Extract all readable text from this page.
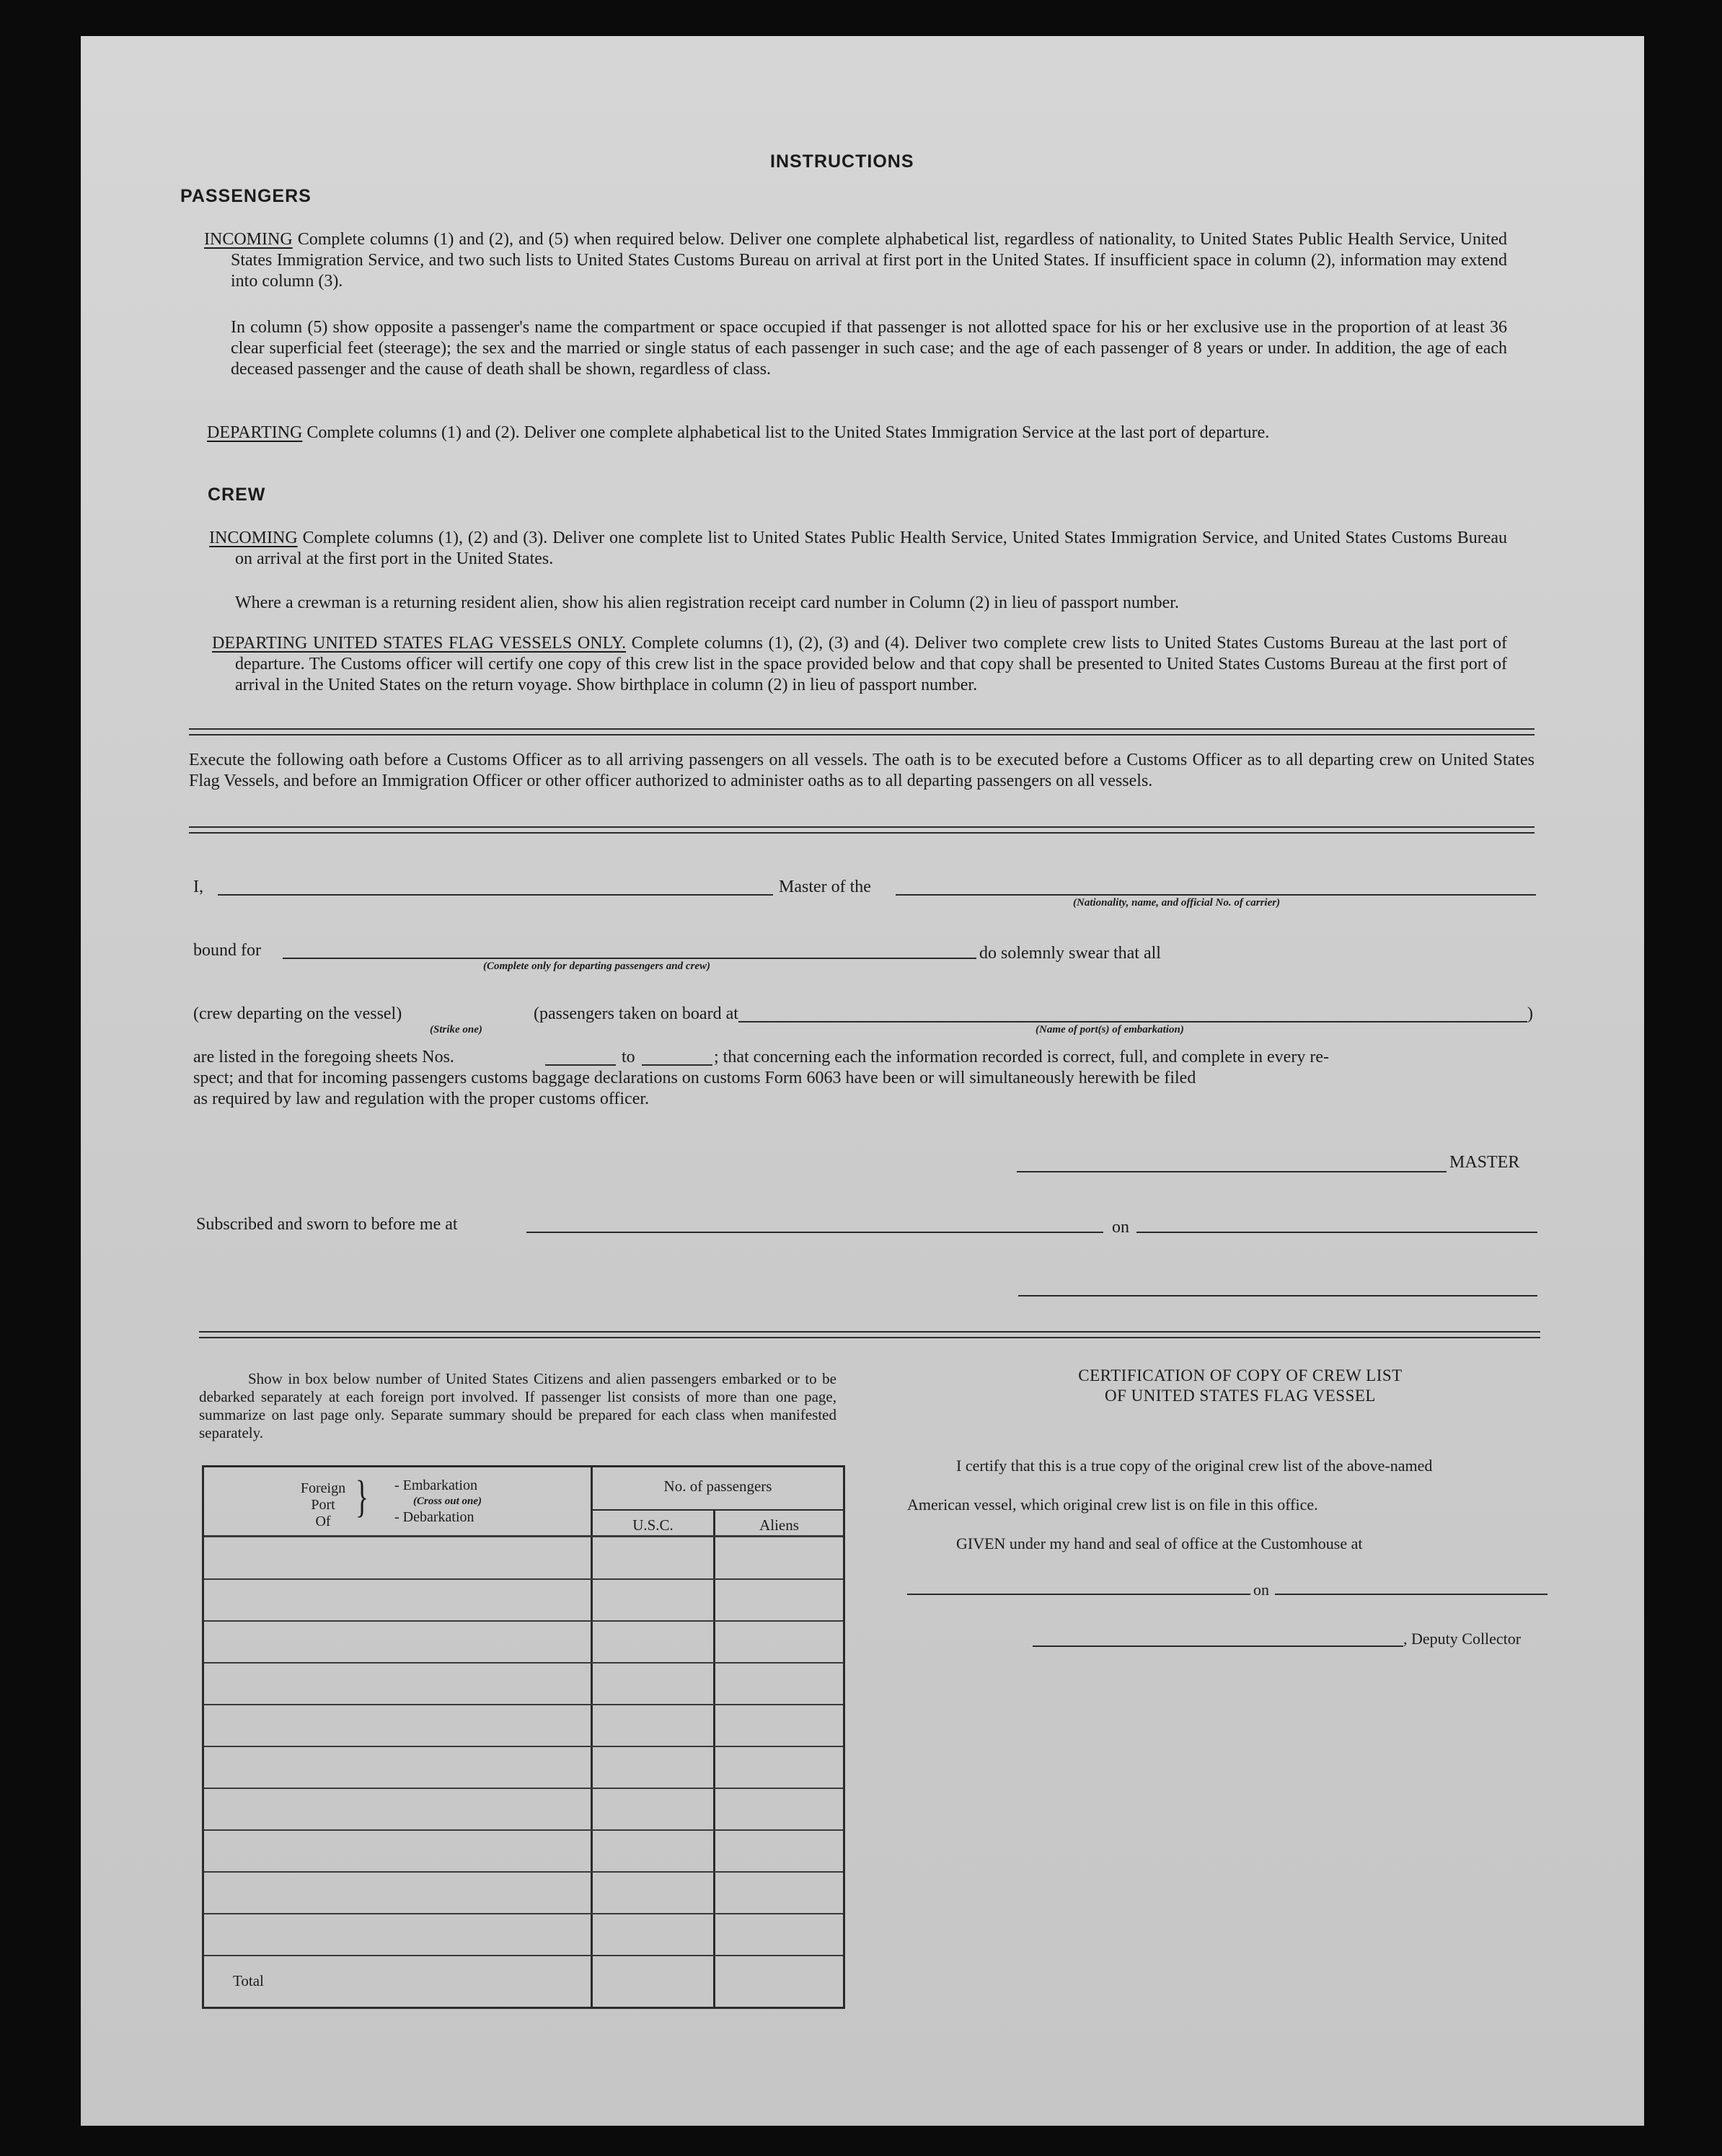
INSTRUCTIONS
PASSENGERS
INCOMING Complete columns (1) and (2), and (5) when required below. Deliver one complete alphabetical list, regardless of nationality, to United States Public Health Service, United States Immigration Service, and two such lists to United States Customs Bureau on arrival at first port in the United States. If insufficient space in column (2), information may extend into column (3).
In column (5) show opposite a passenger's name the compartment or space occupied if that passenger is not allotted space for his or her exclusive use in the proportion of at least 36 clear superficial feet (steerage); the sex and the married or single status of each passenger in such case; and the age of each passenger of 8 years or under. In addition, the age of each deceased passenger and the cause of death shall be shown, regardless of class.
DEPARTING Complete columns (1) and (2). Deliver one complete alphabetical list to the United States Immigration Service at the last port of departure.
CREW
INCOMING Complete columns (1), (2) and (3). Deliver one complete list to United States Public Health Service, United States Immigration Service, and United States Customs Bureau on arrival at the first port in the United States.
Where a crewman is a returning resident alien, show his alien registration receipt card number in Column (2) in lieu of passport number.
DEPARTING UNITED STATES FLAG VESSELS ONLY. Complete columns (1), (2), (3) and (4). Deliver two complete crew lists to United States Customs Bureau at the last port of departure. The Customs officer will certify one copy of this crew list in the space provided below and that copy shall be presented to United States Customs Bureau at the first port of arrival in the United States on the return voyage. Show birthplace in column (2) in lieu of passport number.
Execute the following oath before a Customs Officer as to all arriving passengers on all vessels. The oath is to be executed before a Customs Officer as to all departing crew on United States Flag Vessels, and before an Immigration Officer or other officer authorized to administer oaths as to all departing passengers on all vessels.
I,	Master of the
(Nationality, name, and official No. of carrier)
bound for
(Complete only for departing passengers and crew)
do solemnly swear that all
(crew departing on the vessel)
(Strike one)
(passengers taken on board at	)
(Name of port(s) of embarkation)
are listed in the foregoing sheets Nos.	to	; that concerning each the information recorded is correct, full, and complete in every re-
spect; and that for incoming passengers customs baggage declarations on customs Form 6063 have been or will simultaneously herewith be filed
as required by law and regulation with the proper customs officer.
MASTER
Subscribed and sworn to before me at	on
Show in box below number of United States Citizens and alien passengers embarked or to be debarked separately at each foreign port involved. If passenger list consists of more than one page, summarize on last page only. Separate summary should be prepared for each class when manifested separately.
Foreign
Port
Of } - Embarkation
(Cross out one)
- Debarkation
No. of passengers
U.S.C.	Aliens
Total
CERTIFICATION OF COPY OF CREW LIST
OF UNITED STATES FLAG VESSEL
I certify that this is a true copy of the original crew list of the above-named
American vessel, which original crew list is on file in this office.
GIVEN under my hand and seal of office at the Customhouse at
on
, Deputy Collector
